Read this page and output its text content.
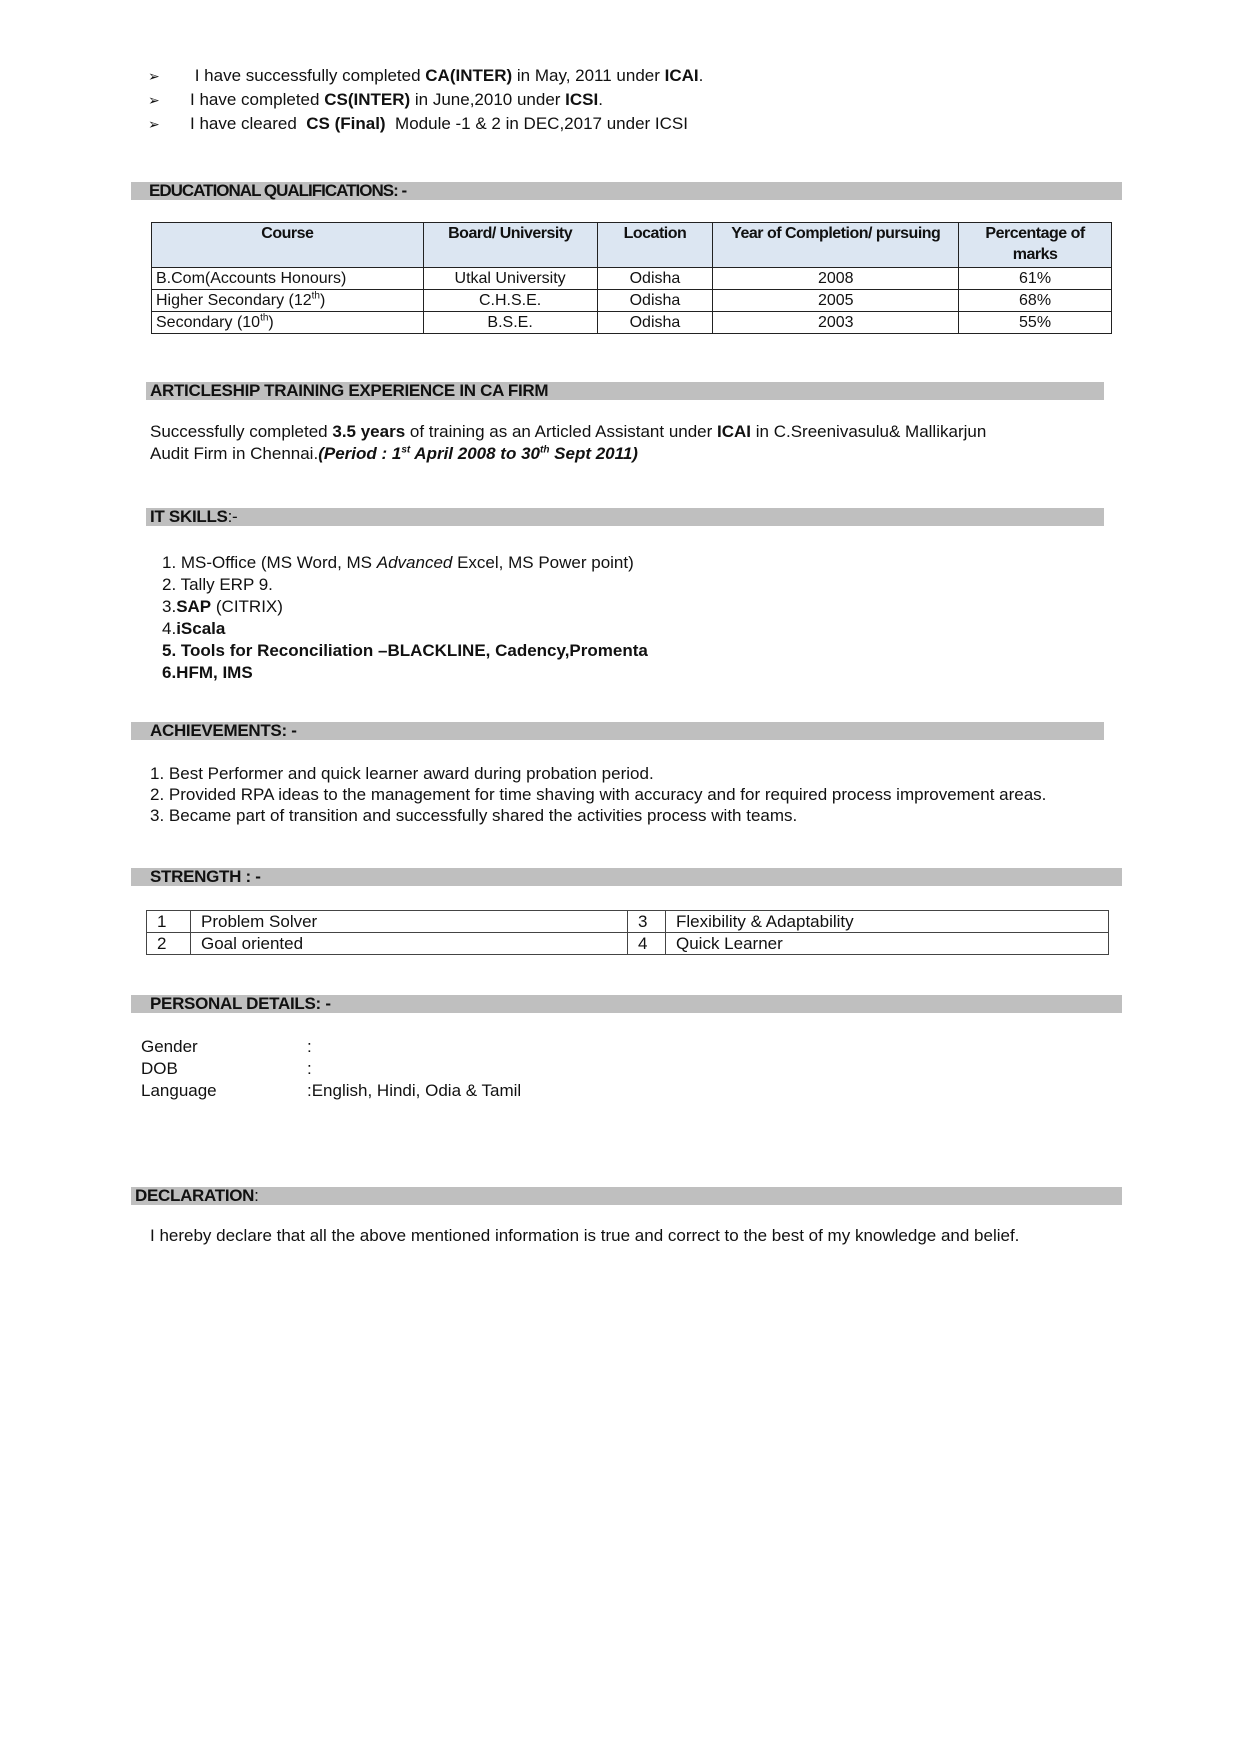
➢ I have successfully completed CA(INTER) in May, 2011 under ICAI.
➢ I have completed CS(INTER) in June,2010 under ICSI.
➢ I have cleared  CS (Final)  Module -1 & 2 in DEC,2017 under ICSI
EDUCATIONAL QUALIFICATIONS: -
Course	Board/ University	Location	Year of Completion/ pursuing	Percentage of marks
B.Com(Accounts Honours)	Utkal University	Odisha	2008	61%
Higher Secondary (12th)	C.H.S.E.	Odisha	2005	68%
Secondary (10th)	B.S.E.	Odisha	2003	55%
ARTICLESHIP TRAINING EXPERIENCE IN CA FIRM
Successfully completed 3.5 years of training as an Articled Assistant under ICAI in C.Sreenivasulu& Mallikarjun
Audit Firm in Chennai.(Period : 1st April 2008 to 30th Sept 2011)
IT SKILLS:-
1. MS-Office (MS Word, MS Advanced Excel, MS Power point)
2. Tally ERP 9.
3.SAP (CITRIX)
4.iScala
5. Tools for Reconciliation –BLACKLINE, Cadency,Promenta
6.HFM, IMS
ACHIEVEMENTS: -
1. Best Performer and quick learner award during probation period.
2. Provided RPA ideas to the management for time shaving with accuracy and for required process improvement areas.
3. Became part of transition and successfully shared the activities process with teams.
STRENGTH : -
1	Problem Solver	3	Flexibility & Adaptability
2	Goal oriented	4	Quick Learner
PERSONAL DETAILS: -
Gender	:
DOB	:
Language	:English, Hindi, Odia & Tamil
DECLARATION:
I hereby declare that all the above mentioned information is true and correct to the best of my knowledge and belief.
